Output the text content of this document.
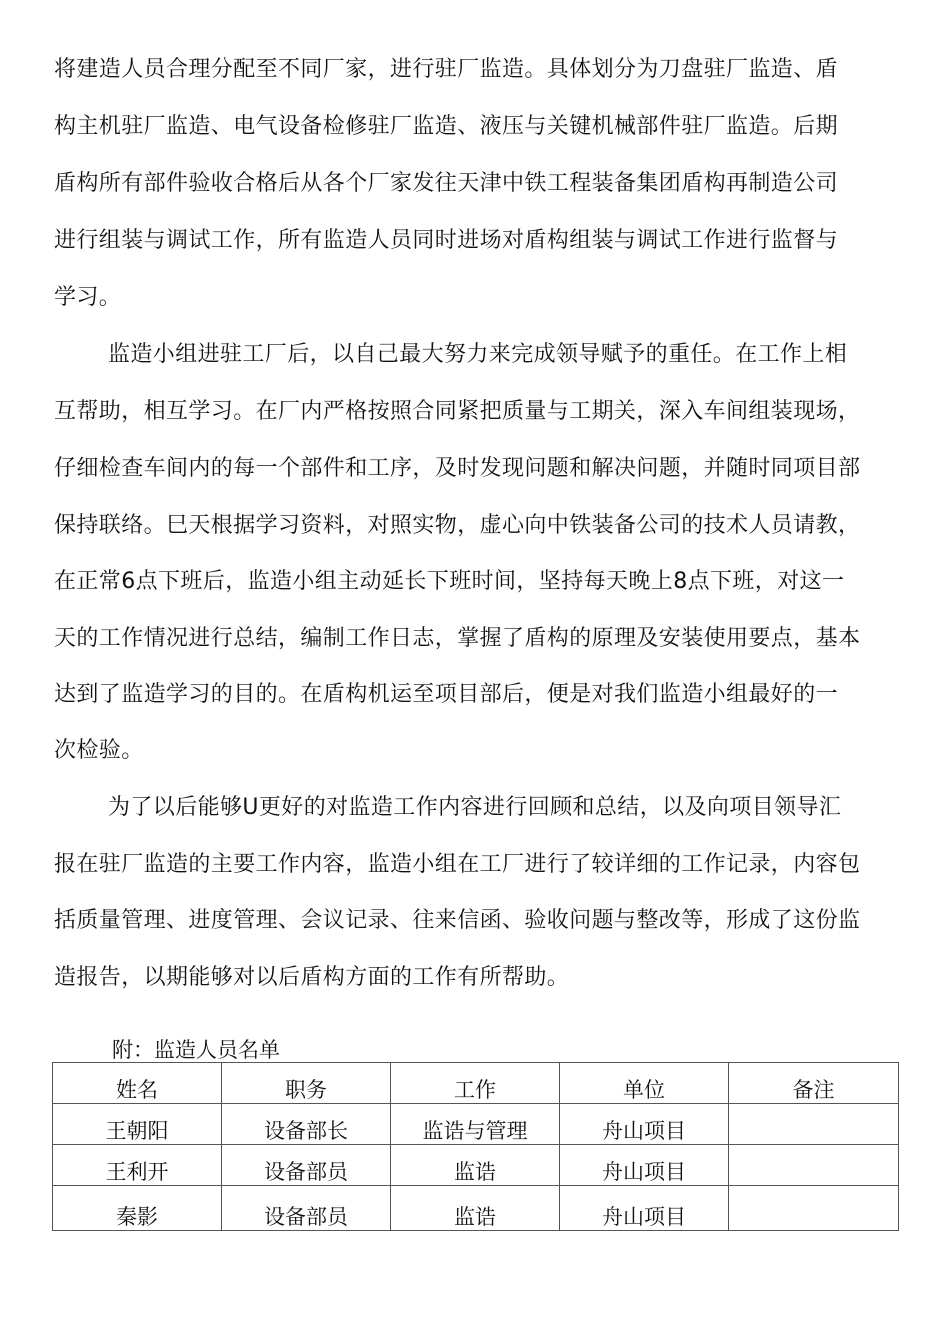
将建造人员合理分配至不同厂家，进行驻厂监造。具体划分为刀盘驻厂监造、盾
构主机驻厂监造、电气设备检修驻厂监造、液压与关键机械部件驻厂监造。后期
盾构所有部件验收合格后从各个厂家发往天津中铁工程装备集团盾构再制造公司
进行组装与调试工作，所有监造人员同时进场对盾构组装与调试工作进行监督与
学习。
监造小组进驻工厂后，以自己最大努力来完成领导赋予的重任。在工作上相
互帮助，相互学习。在厂内严格按照合同紧把质量与工期关，深入车间组装现场，
仔细检查车间内的每一个部件和工序，及时发现问题和解决问题，并随时同项目部
保持联络。巳天根据学习资料，对照实物，虚心向中铁装备公司的技术人员请教，
在正常6点下班后，监造小组主动延长下班时间，坚持每天晚上8点下班，对这一
天的工作情况进行总结，编制工作日志，掌握了盾构的原理及安装使用要点，基本
达到了监造学习的目的。在盾构机运至项目部后，便是对我们监造小组最好的一
次检验。
为了以后能够U更好的对监造工作内容进行回顾和总结，以及向项目领导汇
报在驻厂监造的主要工作内容，监造小组在工厂进行了较详细的工作记录，内容包
括质量管理、进度管理、会议记录、往来信函、验收问题与整改等，形成了这份监
造报告，以期能够对以后盾构方面的工作有所帮助。
附：监造人员名单
姓名	职务	工作	单位	备注
王朝阳	设备部长	监诰与管理	舟山项目	
王利开	设备部员	监诰	舟山项目	
秦影	设备部员	监诰	舟山项目	
